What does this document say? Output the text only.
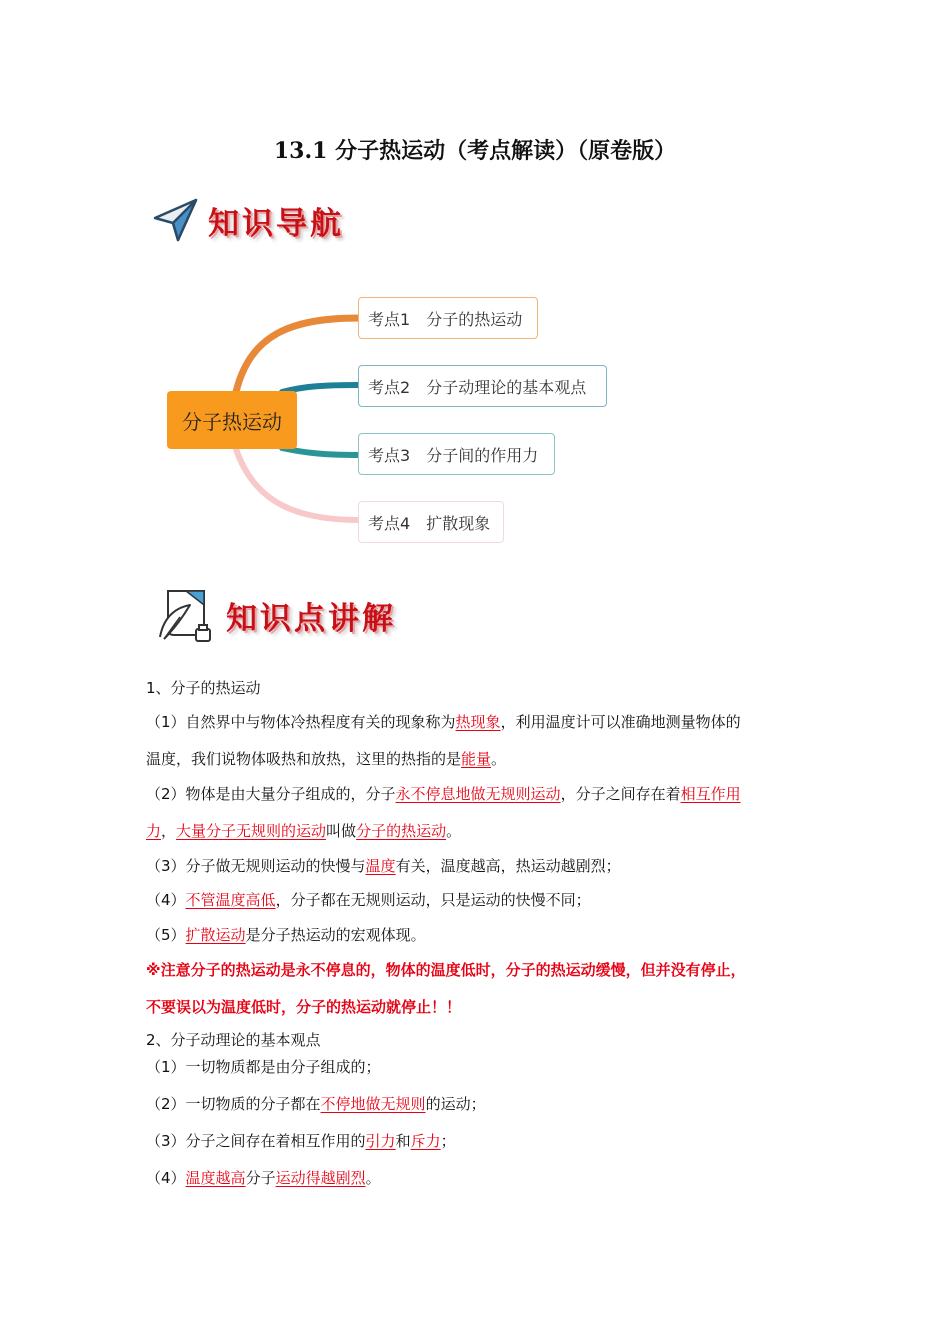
13.1 分子热运动（考点解读）（原卷版）
知识导航
分子热运动
考点1 分子的热运动
考点2 分子动理论的基本观点
考点3 分子间的作用力
考点4 扩散现象
知识点讲解
1、分子的热运动
（1）自然界中与物体冷热程度有关的现象称为热现象，利用温度计可以准确地测量物体的
温度，我们说物体吸热和放热，这里的热指的是能量。
（2）物体是由大量分子组成的，分子永不停息地做无规则运动，分子之间存在着相互作用
力，大量分子无规则的运动叫做分子的热运动。
（3）分子做无规则运动的快慢与温度有关，温度越高，热运动越剧烈；
（4）不管温度高低，分子都在无规则运动，只是运动的快慢不同；
（5）扩散运动是分子热运动的宏观体现。
※注意分子的热运动是永不停息的，物体的温度低时，分子的热运动缓慢，但并没有停止，
不要误以为温度低时，分子的热运动就停止！！
2、分子动理论的基本观点
（1）一切物质都是由分子组成的；
（2）一切物质的分子都在不停地做无规则的运动；
（3）分子之间存在着相互作用的引力和斥力；
（4）温度越高分子运动得越剧烈。
